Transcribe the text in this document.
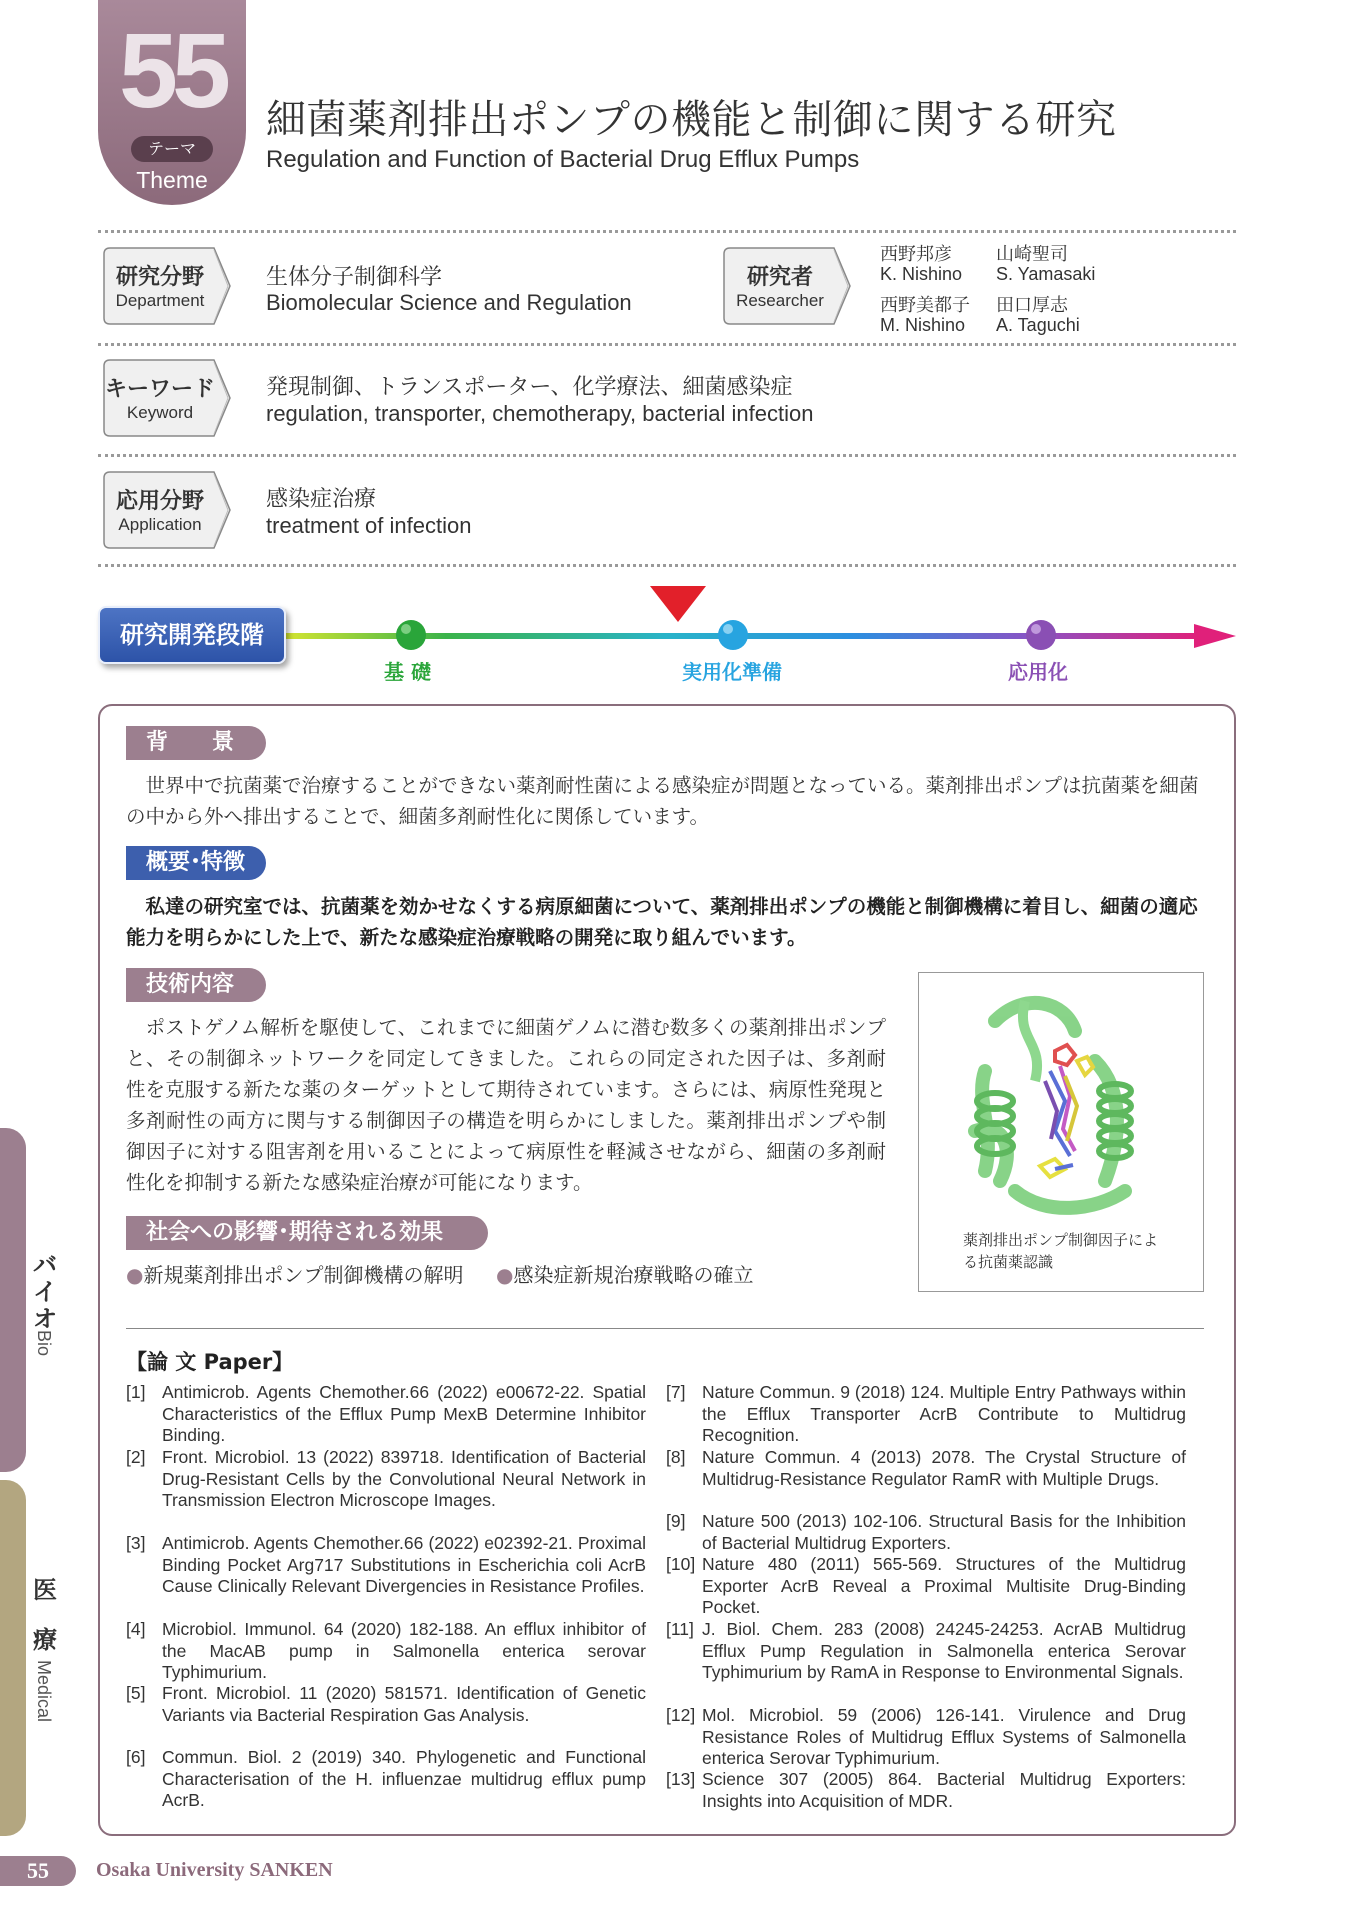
55
テーマ
Theme
細菌薬剤排出ポンプの機能と制御に関する研究
Regulation and Function of Bacterial Drug Efflux Pumps
研究分野
Department
生体分子制御科学
Biomolecular Science and Regulation
研究者
Researcher
西野邦彦
K. Nishino
山崎聖司
S. Yamasaki
西野美都子
M. Nishino
田口厚志
A. Taguchi
キーワード
Keyword
発現制御、トランスポーター、化学療法、細菌感染症
regulation, transporter, chemotherapy, bacterial infection
応用分野
Application
感染症治療
treatment of infection
研究開発段階
基 礎	実用化準備	応用化
背　　景
　世界中で抗菌薬で治療することができない薬剤耐性菌による感染症が問題となっている。薬剤排出ポンプは抗菌薬を細菌の中から外へ排出することで、細菌多剤耐性化に関係しています。
概要･特徴
　私達の研究室では、抗菌薬を効かせなくする病原細菌について、薬剤排出ポンプの機能と制御機構に着目し、細菌の適応能力を明らかにした上で、新たな感染症治療戦略の開発に取り組んでいます。
技術内容
　ポストゲノム解析を駆使して、これまでに細菌ゲノムに潜む数多くの薬剤排出ポンプと、その制御ネットワークを同定してきました。これらの同定された因子は、多剤耐性を克服する新たな薬のターゲットとして期待されています。さらには、病原性発現と多剤耐性の両方に関与する制御因子の構造を明らかにしました。薬剤排出ポンプや制御因子に対する阻害剤を用いることによって病原性を軽減させながら、細菌の多剤耐性化を抑制する新たな感染症治療が可能になります。
薬剤排出ポンプ制御因子による抗菌薬認識
社会への影響･期待される効果
●新規薬剤排出ポンプ制御機構の解明 ●感染症新規治療戦略の確立
【論 文 Paper】
[1] Antimicrob. Agents Chemother.66 (2022) e00672-22. Spatial Characteristics of the Efflux Pump MexB Determine Inhibitor Binding.
[2] Front. Microbiol. 13 (2022) 839718. Identification of Bacterial Drug-Resistant Cells by the Convolutional Neural Network in Transmission Electron Microscope Images.
[3] Antimicrob. Agents Chemother.66 (2022) e02392-21. Proximal Binding Pocket Arg717 Substitutions in Escherichia coli AcrB Cause Clinically Relevant Divergencies in Resistance Profiles.
[4] Microbiol. Immunol. 64 (2020) 182-188. An efflux inhibitor of the MacAB pump in Salmonella enterica serovar Typhimurium.
[5] Front. Microbiol. 11 (2020) 581571. Identification of Genetic Variants via Bacterial Respiration Gas Analysis.
[6] Commun. Biol. 2 (2019) 340. Phylogenetic and Functional Characterisation of the H. influenzae multidrug efflux pump AcrB.
[7] Nature Commun. 9 (2018) 124. Multiple Entry Pathways within the Efflux Transporter AcrB Contribute to Multidrug Recognition.
[8] Nature Commun. 4 (2013) 2078. The Crystal Structure of Multidrug-Resistance Regulator RamR with Multiple Drugs.
[9] Nature 500 (2013) 102-106. Structural Basis for the Inhibition of Bacterial Multidrug Exporters.
[10] Nature 480 (2011) 565-569. Structures of the Multidrug Exporter AcrB Reveal a Proximal Multisite Drug-Binding Pocket.
[11] J. Biol. Chem. 283 (2008) 24245-24253. AcrAB Multidrug Efflux Pump Regulation in Salmonella enterica Serovar Typhimurium by RamA in Response to Environmental Signals.
[12] Mol. Microbiol. 59 (2006) 126-141. Virulence and Drug Resistance Roles of Multidrug Efflux Systems of Salmonella enterica Serovar Typhimurium.
[13] Science 307 (2005) 864. Bacterial Multidrug Exporters: Insights into Acquisition of MDR.
バ
イ
オ
Bio
医
療
Medical
55	Osaka University SANKEN
